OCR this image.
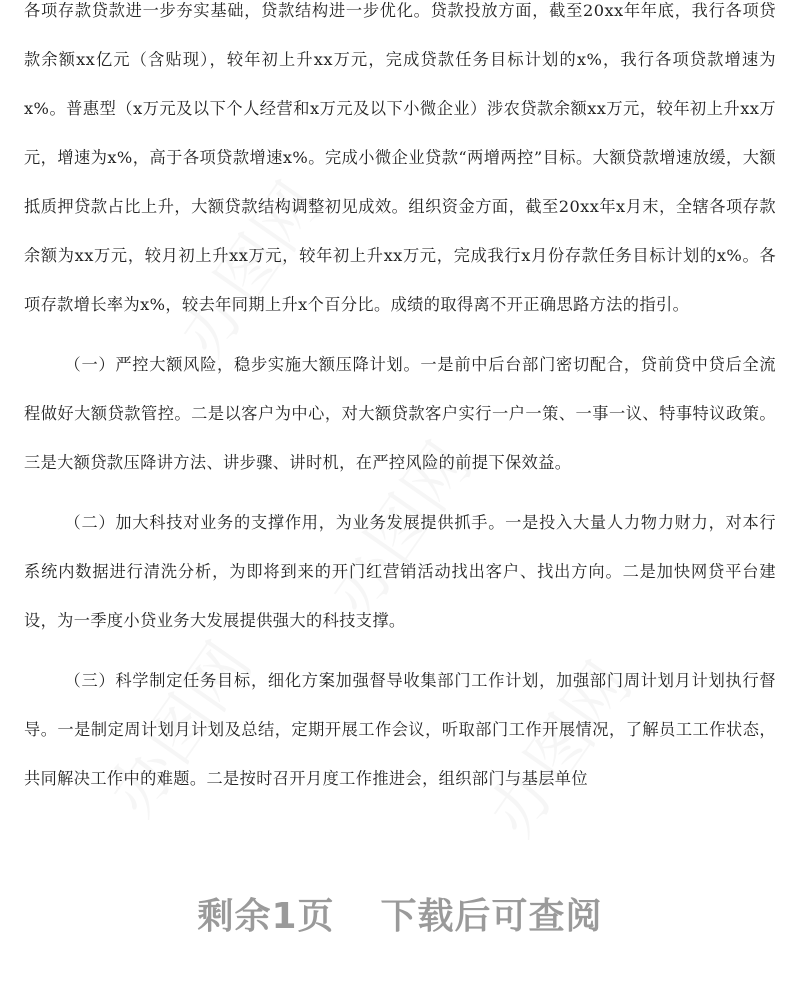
各项存款贷款进一步夯实基础，贷款结构进一步优化。贷款投放方面，截至20xx年年底，我行各项贷款余额xx亿元（含贴现），较年初上升xx万元，完成贷款任务目标计划的x%，我行各项贷款增速为x%。普惠型（x万元及以下个人经营和x万元及以下小微企业）涉农贷款余额xx万元，较年初上升xx万元，增速为x%，高于各项贷款增速x%。完成小微企业贷款“两增两控”目标。大额贷款增速放缓，大额抵质押贷款占比上升，大额贷款结构调整初见成效。组织资金方面，截至20xx年x月末，全辖各项存款余额为xx万元，较月初上升xx万元，较年初上升xx万元，完成我行x月份存款任务目标计划的x%。各项存款增长率为x%，较去年同期上升x个百分比。成绩的取得离不开正确思路方法的指引。

（一）严控大额风险，稳步实施大额压降计划。一是前中后台部门密切配合，贷前贷中贷后全流程做好大额贷款管控。二是以客户为中心，对大额贷款客户实行一户一策、一事一议、特事特议政策。三是大额贷款压降讲方法、讲步骤、讲时机，在严控风险的前提下保效益。

（二）加大科技对业务的支撑作用，为业务发展提供抓手。一是投入大量人力物力财力，对本行系统内数据进行清洗分析，为即将到来的开门红营销活动找出客户、找出方向。二是加快网贷平台建设，为一季度小贷业务大发展提供强大的科技支撑。

（三）科学制定任务目标，细化方案加强督导收集部门工作计划，加强部门周计划月计划执行督导。一是制定周计划月计划及总结，定期开展工作会议，听取部门工作开展情况，了解员工工作状态，共同解决工作中的难题。二是按时召开月度工作推进会，组织部门与基层单位

剩余1页 下载后可查阅
